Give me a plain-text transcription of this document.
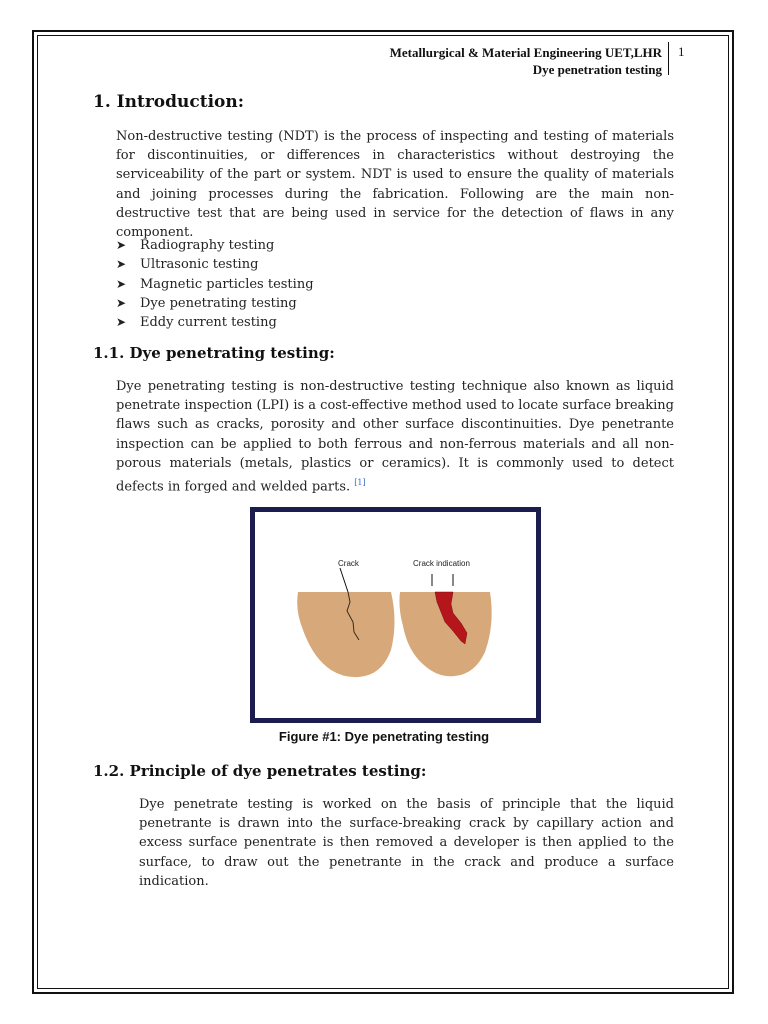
Metallurgical & Material Engineering UET,LHR
Dye penetration testing
1
1. Introduction:

Non-destructive testing (NDT) is the process of inspecting and testing of materials for discontinuities, or differences in characteristics without destroying the serviceability of the part or system. NDT is used to ensure the quality of materials and joining processes during the fabrication. Following are the main non-destructive test that are being used in service for the detection of flaws in any component.

➤ Radiography testing
➤ Ultrasonic testing
➤ Magnetic particles testing
➤ Dye penetrating testing
➤ Eddy current testing
1.1. Dye penetrating testing:

Dye penetrating testing is non-destructive testing technique also known as liquid penetrate inspection (LPI) is a cost-effective method used to locate surface breaking flaws such as cracks, porosity and other surface discontinuities. Dye penetrante inspection can be applied to both ferrous and non-ferrous materials and all non-porous materials (metals, plastics or ceramics). It is commonly used to detect defects in forged and welded parts. [1]

Crack	Crack indication
Figure #1: Dye penetrating testing
1.2. Principle of dye penetrates testing:

Dye penetrate testing is worked on the basis of principle that the liquid penetrante is drawn into the surface-breaking crack by capillary action and excess surface penentrate is then removed a developer is then applied to the surface, to draw out the penetrante in the crack and produce a surface indication.
